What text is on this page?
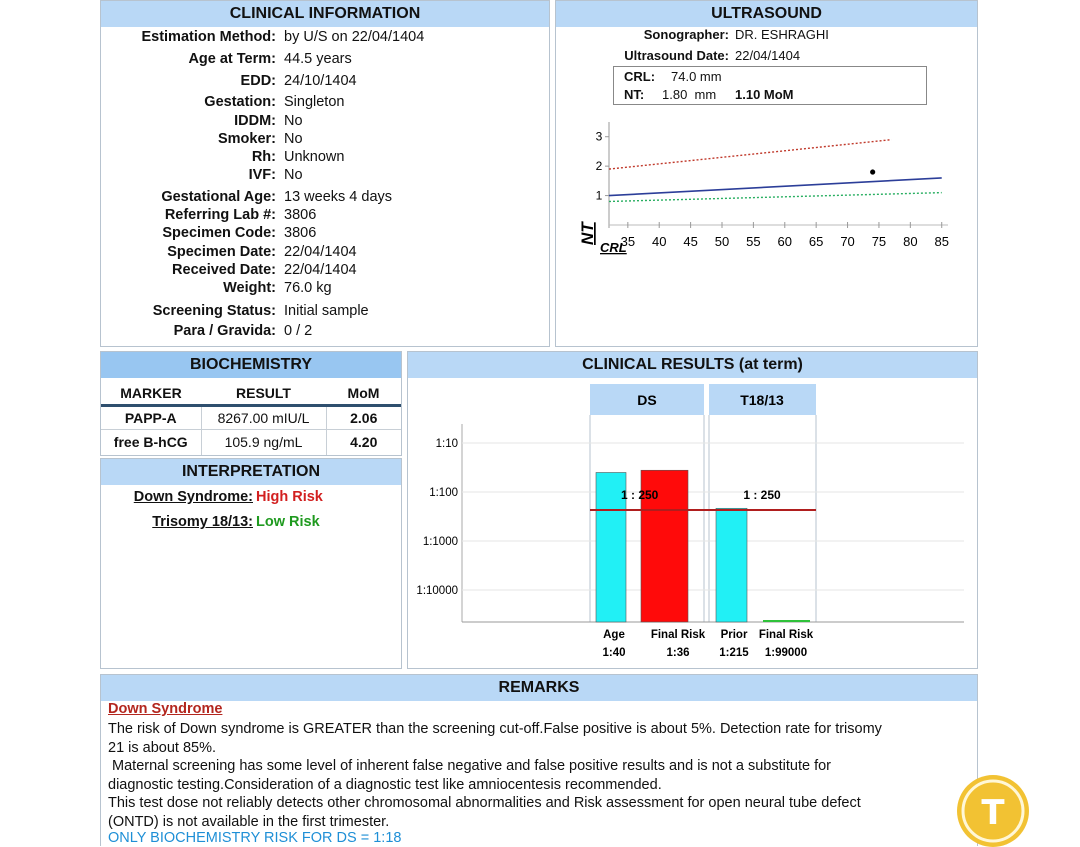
CLINICAL INFORMATION
Estimation Method: by U/S on 22/04/1404
Age at Term: 44.5 years
EDD: 24/10/1404
Gestation: Singleton
IDDM: No
Smoker: No
Rh: Unknown
IVF: No
Gestational Age: 13 weeks 4 days
Referring Lab #: 3806
Specimen Code: 3806
Specimen Date: 22/04/1404
Received Date: 22/04/1404
Weight: 76.0 kg
Screening Status: Initial sample
Para / Gravida: 0 / 2
ULTRASOUND
Sonographer: DR. ESHRAGHI
Ultrasound Date: 22/04/1404
CRL: 74.0 mm
NT: 1.80  mm 1.10 MoM
1
2
3
35 40 45 50 55 60 65 70 75 80 85
NT
CRL
BIOCHEMISTRY
MARKER	RESULT	MoM
PAPP-A	8267.00 mIU/L	2.06
free B-hCG	105.9 ng/mL	4.20
INTERPRETATION
Down Syndrome: High Risk
Trisomy 18/13: Low Risk
CLINICAL RESULTS (at term)
DS	T18/13
1:10
1:100
1:1000
1:10000
1 : 250	1 : 250
Age
1:40
Final Risk
1:36
Prior
1:215
Final Risk
1:99000
REMARKS
Down Syndrome
The risk of Down syndrome is GREATER than the screening cut-off.False positive is about 5%. Detection rate for trisomy
21 is about 85%.
Maternal screening has some level of inherent false negative and false positive results and is not a substitute for
diagnostic testing.Consideration of a diagnostic test like amniocentesis recommended.
This test dose not reliably detects other chromosomal abnormalities and Risk assessment for open neural tube defect
(ONTD) is not available in the first trimester.
ONLY BIOCHEMISTRY RISK FOR DS = 1:18
T
